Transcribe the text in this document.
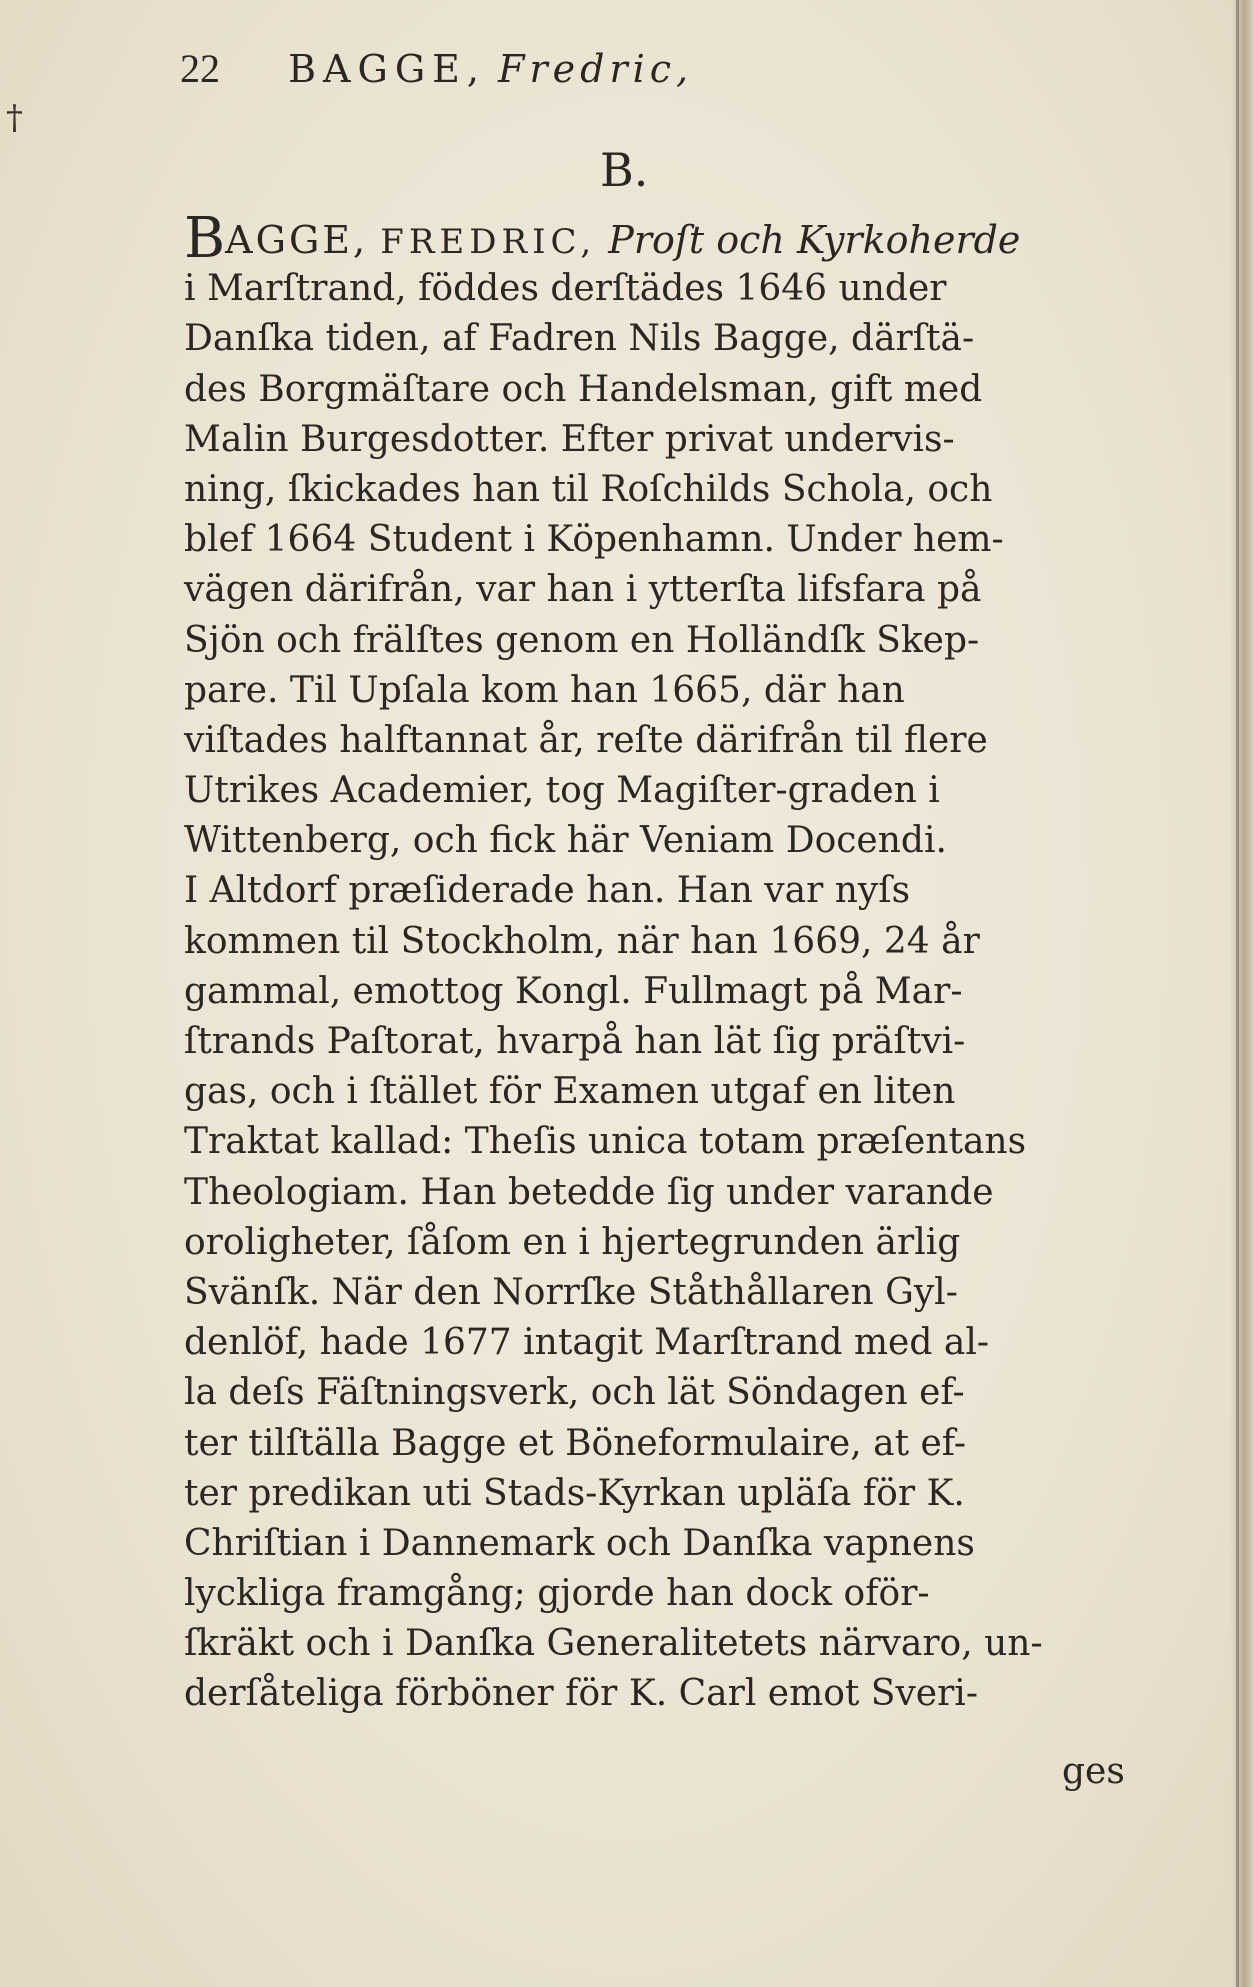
†
22 BAGGE, Fredric,
B.
BAGGE, FREDRIC, Proſt och Kyrkoherde
i Marſtrand, föddes derſtädes 1646 under
Danſka tiden, af Fadren Nils Bagge, därſtä-
des Borgmäſtare och Handelsman, gift med
Malin Burgesdotter. Efter privat undervis-
ning, ſkickades han til Roſchilds Schola, och
blef 1664 Student i Köpenhamn. Under hem-
vägen därifrån, var han i ytterſta lifsfara på
Sjön och frälſtes genom en Holländſk Skep-
pare. Til Upſala kom han 1665, där han
viſtades halftannat år, reſte därifrån til flere
Utrikes Academier, tog Magiſter-graden i
Wittenberg, och fick här Veniam Docendi.
I Altdorf præſiderade han. Han var nyſs
kommen til Stockholm, när han 1669, 24 år
gammal, emottog Kongl. Fullmagt på Mar-
ſtrands Paſtorat, hvarpå han lät ſig präſtvi-
gas, och i ſtället för Examen utgaf en liten
Traktat kallad: Theſis unica totam præſentans
Theologiam. Han betedde ſig under varande
oroligheter, ſåſom en i hjertegrunden ärlig
Svänſk. När den Norrſke Ståthållaren Gyl-
denlöf, hade 1677 intagit Marſtrand med al-
la deſs Fäſtningsverk, och lät Söndagen ef-
ter tilſtälla Bagge et Böneformulaire, at ef-
ter predikan uti Stads-Kyrkan upläſa för K.
Chriſtian i Dannemark och Danſka vapnens
lyckliga framgång; gjorde han dock oför-
ſkräkt och i Danſka Generalitetets närvaro, un-
derſåteliga förböner för K. Carl emot Sveri-
ges
